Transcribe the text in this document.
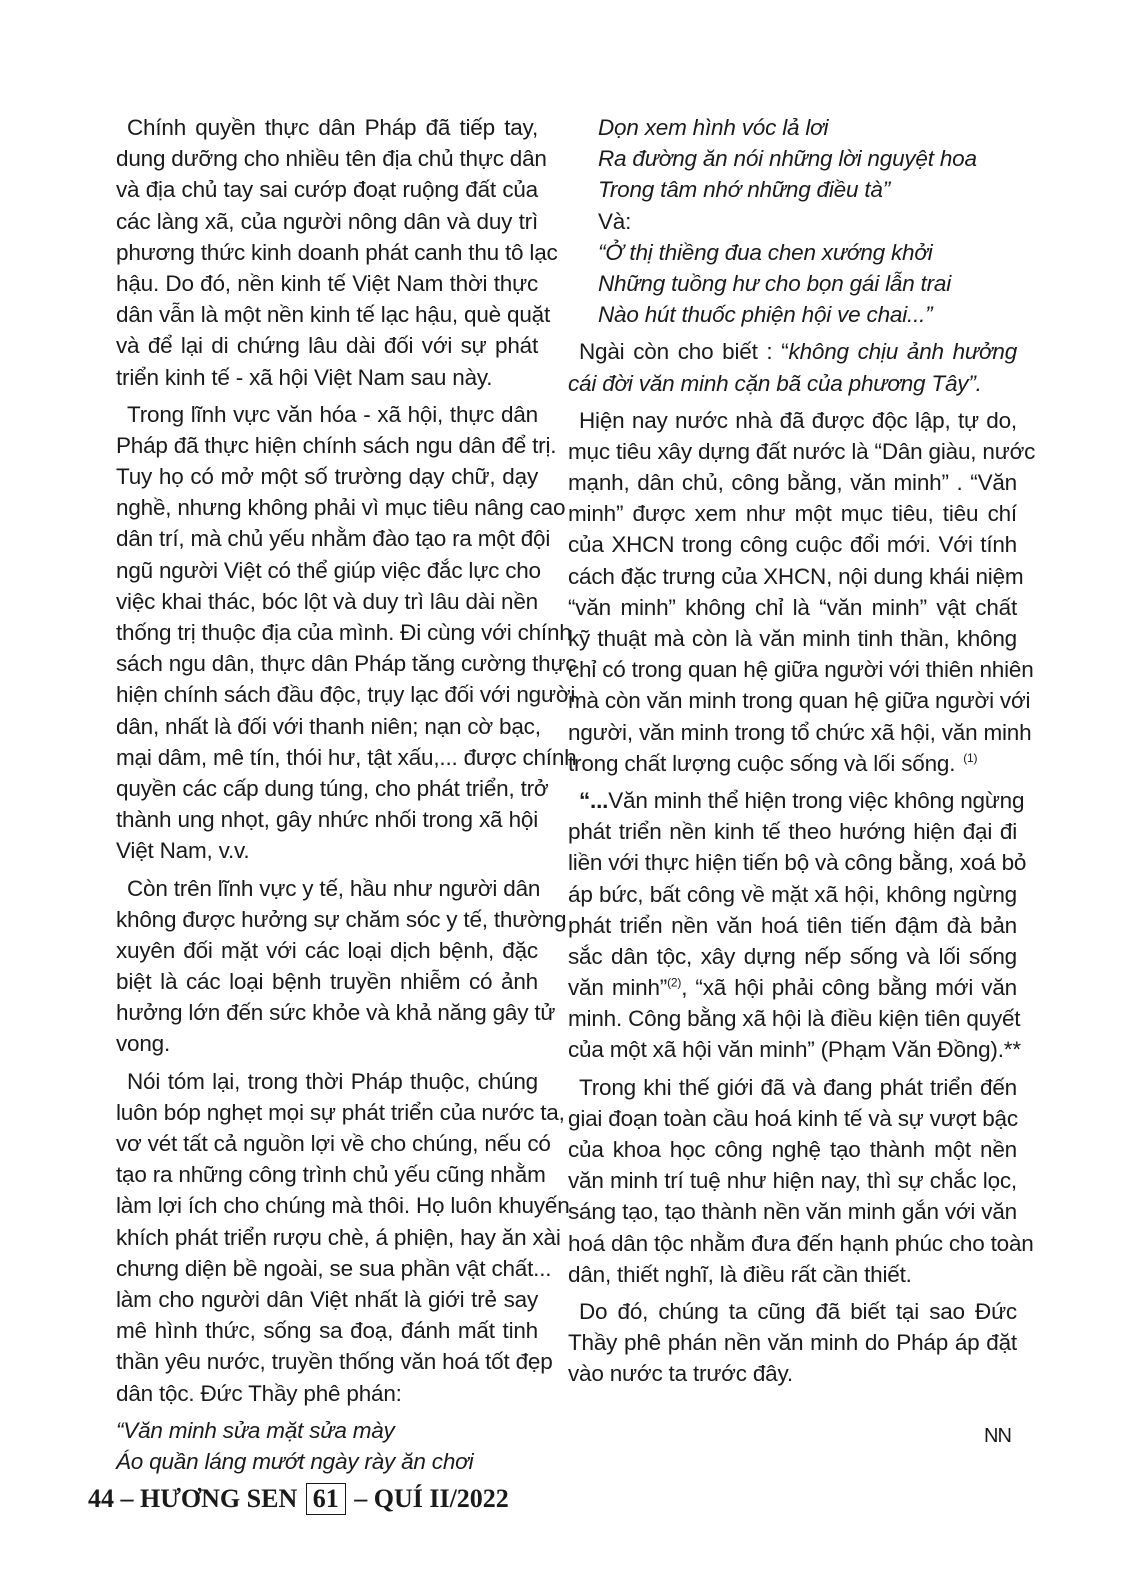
Chính quyền thực dân Pháp đã tiếp tay,
dung dưỡng cho nhiều tên địa chủ thực dân
và địa chủ tay sai cướp đoạt ruộng đất của
các làng xã, của người nông dân và duy trì
phương thức kinh doanh phát canh thu tô lạc
hậu. Do đó, nền kinh tế Việt Nam thời thực
dân vẫn là một nền kinh tế lạc hậu, què quặt
và để lại di chứng lâu dài đối với sự phát
triển kinh tế - xã hội Việt Nam sau này.
Trong lĩnh vực văn hóa - xã hội, thực dân
Pháp đã thực hiện chính sách ngu dân để trị.
Tuy họ có mở một số trường dạy chữ, dạy
nghề, nhưng không phải vì mục tiêu nâng cao
dân trí, mà chủ yếu nhằm đào tạo ra một đội
ngũ người Việt có thể giúp việc đắc lực cho
việc khai thác, bóc lột và duy trì lâu dài nền
thống trị thuộc địa của mình. Đi cùng với chính
sách ngu dân, thực dân Pháp tăng cường thực
hiện chính sách đầu độc, trụy lạc đối với người
dân, nhất là đối với thanh niên; nạn cờ bạc,
mại dâm, mê tín, thói hư, tật xấu,... được chính
quyền các cấp dung túng, cho phát triển, trở
thành ung nhọt, gây nhức nhối trong xã hội
Việt Nam, v.v.
Còn trên lĩnh vực y tế, hầu như người dân
không được hưởng sự chăm sóc y tế, thường
xuyên đối mặt với các loại dịch bệnh, đặc
biệt là các loại bệnh truyền nhiễm có ảnh
hưởng lớn đến sức khỏe và khả năng gây tử
vong.
Nói tóm lại, trong thời Pháp thuộc, chúng
luôn bóp nghẹt mọi sự phát triển của nước ta,
vơ vét tất cả nguồn lợi về cho chúng, nếu có
tạo ra những công trình chủ yếu cũng nhằm
làm lợi ích cho chúng mà thôi. Họ luôn khuyến
khích phát triển rượu chè, á phiện, hay ăn xài
chưng diện bề ngoài, se sua phần vật chất...
làm cho người dân Việt nhất là giới trẻ say
mê hình thức, sống sa đoạ, đánh mất tinh
thần yêu nước, truyền thống văn hoá tốt đẹp
dân tộc. Đức Thầy phê phán:
“Văn minh sửa mặt sửa mày
Áo quần láng mướt ngày rày ăn chơi
Dọn xem hình vóc lả lơi
Ra đường ăn nói những lời nguyệt hoa
Trong tâm nhớ những điều tà”
Và:
“Ở thị thiềng đua chen xướng khởi
Những tuồng hư cho bọn gái lẫn trai
Nào hút thuốc phiện hội ve chai...”
Ngài còn cho biết : “không chịu ảnh hưởng
cái đời văn minh cặn bã của phương Tây”.
Hiện nay nước nhà đã được độc lập, tự do,
mục tiêu xây dựng đất nước là “Dân giàu, nước
mạnh, dân chủ, công bằng, văn minh” . “Văn
minh” được xem như một mục tiêu, tiêu chí
của XHCN trong công cuộc đổi mới. Với tính
cách đặc trưng của XHCN, nội dung khái niệm
“văn minh” không chỉ là “văn minh” vật chất
kỹ thuật mà còn là văn minh tinh thần, không
chỉ có trong quan hệ giữa người với thiên nhiên
mà còn văn minh trong quan hệ giữa người với
người, văn minh trong tổ chức xã hội, văn minh
trong chất lượng cuộc sống và lối sống. $^{(1)}$
“...Văn minh thể hiện trong việc không ngừng
phát triển nền kinh tế theo hướng hiện đại đi
liền với thực hiện tiến bộ và công bằng, xoá bỏ
áp bức, bất công về mặt xã hội, không ngừng
phát triển nền văn hoá tiên tiến đậm đà bản
sắc dân tộc, xây dựng nếp sống và lối sống
văn minh”$^{(2)}$, “xã hội phải công bằng mới văn
minh. Công bằng xã hội là điều kiện tiên quyết
của một xã hội văn minh” (Phạm Văn Đồng).**
Trong khi thế giới đã và đang phát triển đến
giai đoạn toàn cầu hoá kinh tế và sự vượt bậc
của khoa học công nghệ tạo thành một nền
văn minh trí tuệ như hiện nay, thì sự chắc lọc,
sáng tạo, tạo thành nền văn minh gắn với văn
hoá dân tộc nhằm đưa đến hạnh phúc cho toàn
dân, thiết nghĩ, là điều rất cần thiết.
Do đó, chúng ta cũng đã biết tại sao Đức
Thầy phê phán nền văn minh do Pháp áp đặt
vào nước ta trước đây.
NN
44 – HƯƠNG SEN 61 – QUÍ II/2022
